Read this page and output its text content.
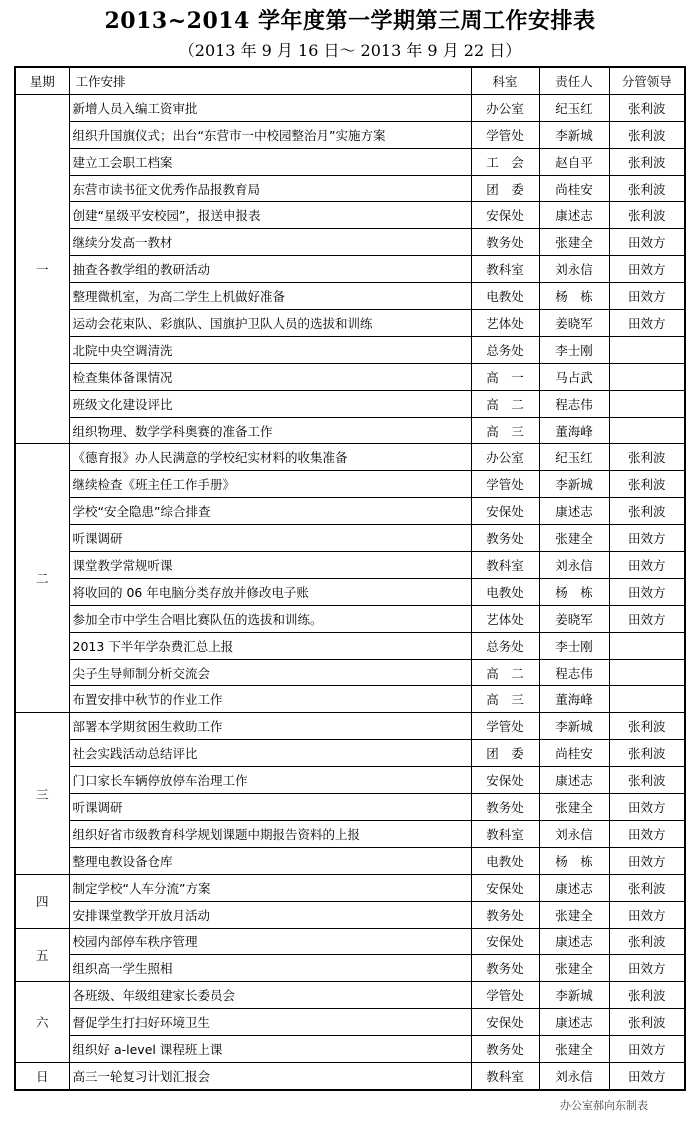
2013~2014 学年度第一学期第三周工作安排表
（2013 年 9 月 16 日～ 2013 年 9 月 22 日）
星期	工作安排	科室	责任人	分管领导
一	新增人员入编工资审批	办公室	纪玉红	张利波
	组织升国旗仪式；出台“东营市一中校园整治月”实施方案	学管处	李新城	张利波
	建立工会职工档案	工　会	赵自平	张利波
	东营市读书征文优秀作品报教育局	团　委	尚桂安	张利波
	创建“星级平安校园”，报送申报表	安保处	康述志	张利波
	继续分发高一教材	教务处	张建全	田效方
	抽查各教学组的教研活动	教科室	刘永信	田效方
	整理微机室，为高二学生上机做好准备	电教处	杨　栋	田效方
	运动会花束队、彩旗队、国旗护卫队人员的选拔和训练	艺体处	姜晓军	田效方
	北院中央空调清洗	总务处	李士刚	
	检查集体备课情况	高　一	马占武	
	班级文化建设评比	高　二	程志伟	
	组织物理、数学学科奥赛的准备工作	高　三	董海峰	
二	《德育报》办人民满意的学校纪实材料的收集准备	办公室	纪玉红	张利波
	继续检查《班主任工作手册》	学管处	李新城	张利波
	学校“安全隐患”综合排查	安保处	康述志	张利波
	听课调研	教务处	张建全	田效方
	课堂教学常规听课	教科室	刘永信	田效方
	将收回的 06 年电脑分类存放并修改电子账	电教处	杨　栋	田效方
	参加全市中学生合唱比赛队伍的选拔和训练。	艺体处	姜晓军	田效方
	2013 下半年学杂费汇总上报	总务处	李士刚	
	尖子生导师制分析交流会	高　二	程志伟	
	布置安排中秋节的作业工作	高　三	董海峰	
三	部署本学期贫困生救助工作	学管处	李新城	张利波
	社会实践活动总结评比	团　委	尚桂安	张利波
	门口家长车辆停放停车治理工作	安保处	康述志	张利波
	听课调研	教务处	张建全	田效方
	组织好省市级教育科学规划课题中期报告资料的上报	教科室	刘永信	田效方
	整理电教设备仓库	电教处	杨　栋	田效方
四	制定学校“人车分流”方案	安保处	康述志	张利波
	安排课堂教学开放月活动	教务处	张建全	田效方
五	校园内部停车秩序管理	安保处	康述志	张利波
	组织高一学生照相	教务处	张建全	田效方
六	各班级、年级组建家长委员会	学管处	李新城	张利波
	督促学生打扫好环境卫生	安保处	康述志	张利波
	组织好 a-level 课程班上课	教务处	张建全	田效方
日	高三一轮复习计划汇报会	教科室	刘永信	田效方
办公室郝向东制表
